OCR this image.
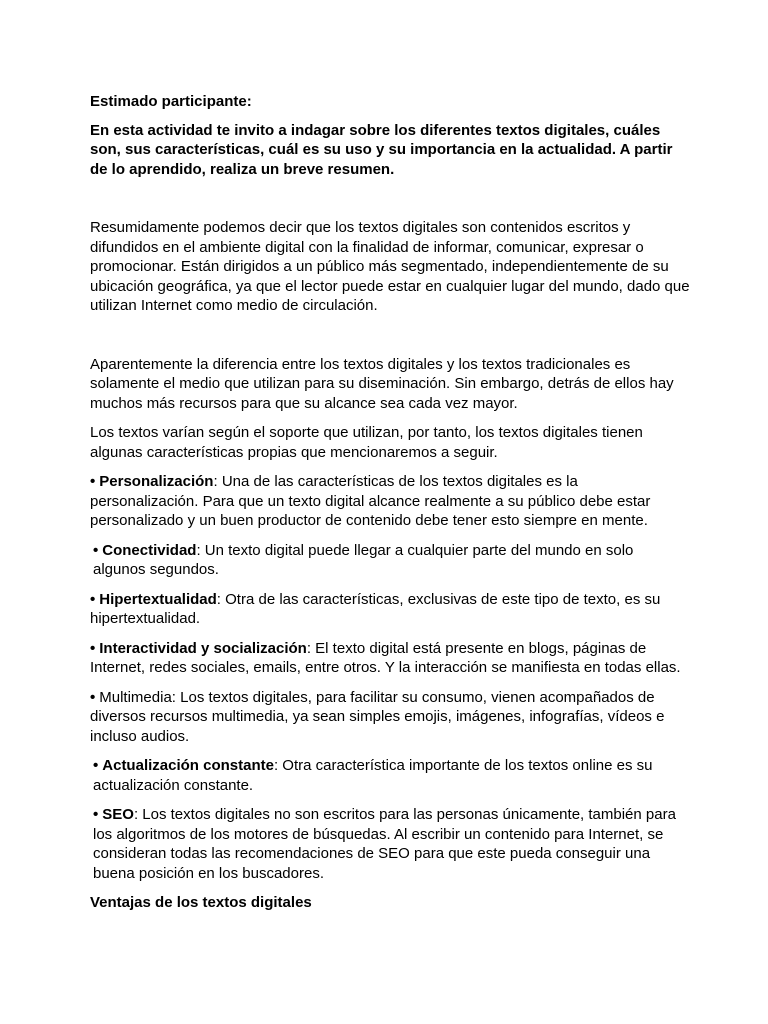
Estimado participante:

En esta actividad te invito a indagar sobre los diferentes textos digitales, cuáles son, sus características, cuál es su uso y su importancia en la actualidad. A partir de lo aprendido, realiza un breve resumen.

Resumidamente podemos decir que los textos digitales son contenidos escritos y difundidos en el ambiente digital con la finalidad de informar, comunicar, expresar o promocionar. Están dirigidos a un público más segmentado, independientemente de su ubicación geográfica, ya que el lector puede estar en cualquier lugar del mundo, dado que utilizan Internet como medio de circulación.

Aparentemente la diferencia entre los textos digitales y los textos tradicionales es solamente el medio que utilizan para su diseminación. Sin embargo, detrás de ellos hay muchos más recursos para que su alcance sea cada vez mayor.

Los textos varían según el soporte que utilizan, por tanto, los textos digitales tienen algunas características propias que mencionaremos a seguir.

• Personalización: Una de las características de los textos digitales es la personalización. Para que un texto digital alcance realmente a su público debe estar personalizado y un buen productor de contenido debe tener esto siempre en mente.

• Conectividad: Un texto digital puede llegar a cualquier parte del mundo en solo algunos segundos.

• Hipertextualidad: Otra de las características, exclusivas de este tipo de texto, es su hipertextualidad.

• Interactividad y socialización: El texto digital está presente en blogs, páginas de Internet, redes sociales, emails, entre otros. Y la interacción se manifiesta en todas ellas.

• Multimedia: Los textos digitales, para facilitar su consumo, vienen acompañados de diversos recursos multimedia, ya sean simples emojis, imágenes, infografías, vídeos e incluso audios.

• Actualización constante: Otra característica importante de los textos online es su actualización constante.

• SEO: Los textos digitales no son escritos para las personas únicamente, también para los algoritmos de los motores de búsquedas. Al escribir un contenido para Internet, se consideran todas las recomendaciones de SEO para que este pueda conseguir una buena posición en los buscadores.

Ventajas de los textos digitales
